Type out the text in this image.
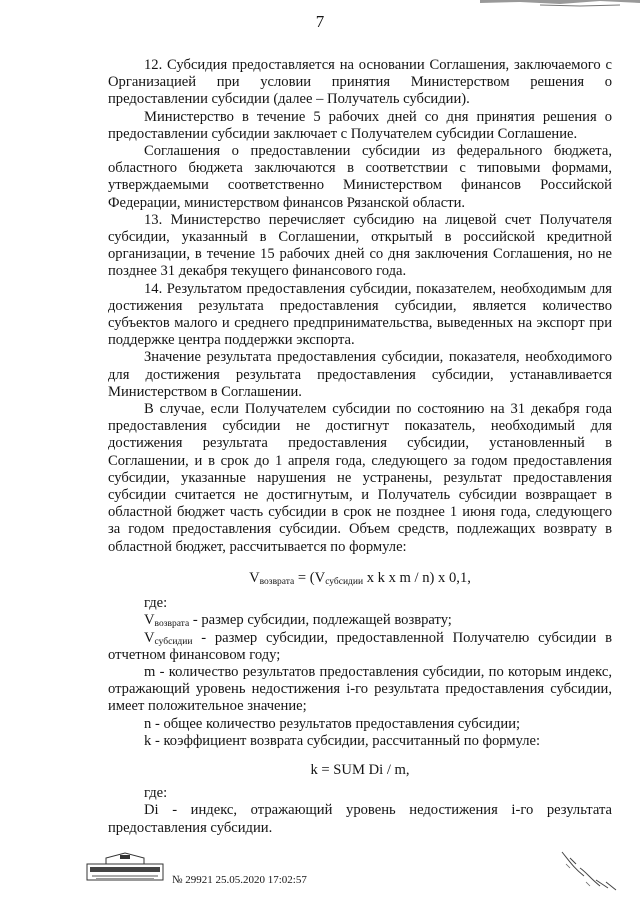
7

12. Субсидия предоставляется на основании Соглашения, заключаемого с Организацией при условии принятия Министерством решения о предоставлении субсидии (далее – Получатель субсидии).

Министерство в течение 5 рабочих дней со дня принятия решения о предоставлении субсидии заключает с Получателем субсидии Соглашение.

Соглашения о предоставлении субсидии из федерального бюджета, областного бюджета заключаются в соответствии с типовыми формами, утверждаемыми соответственно Министерством финансов Российской Федерации, министерством финансов Рязанской области.

13. Министерство перечисляет субсидию на лицевой счет Получателя субсидии, указанный в Соглашении, открытый в российской кредитной организации, в течение 15 рабочих дней со дня заключения Соглашения, но не позднее 31 декабря текущего финансового года.

14. Результатом предоставления субсидии, показателем, необходимым для достижения результата предоставления субсидии, является количество субъектов малого и среднего предпринимательства, выведенных на экспорт при поддержке центра поддержки экспорта.

Значение результата предоставления субсидии, показателя, необходимого для достижения результата предоставления субсидии, устанавливается Министерством в Соглашении.

В случае, если Получателем субсидии по состоянию на 31 декабря года предоставления субсидии не достигнут показатель, необходимый для достижения результата предоставления субсидии, установленный в Соглашении, и в срок до 1 апреля года, следующего за годом предоставления субсидии, указанные нарушения не устранены, результат предоставления субсидии считается не достигнутым, и Получатель субсидии возвращает в областной бюджет часть субсидии в срок не позднее 1 июня года, следующего за годом предоставления субсидии. Объем средств, подлежащих возврату в областной бюджет, рассчитывается по формуле:

$V_{возврата} = (V_{субсидии}$ x k x m / n) x 0,1,

где:

$V_{возврата}$ - размер субсидии, подлежащей возврату;

$V_{субсидии}$ - размер субсидии, предоставленной Получателю субсидии в отчетном финансовом году;

m - количество результатов предоставления субсидии, по которым индекс, отражающий уровень недостижения i-го результата предоставления субсидии, имеет положительное значение;

n - общее количество результатов предоставления субсидии;

k - коэффициент возврата субсидии, рассчитанный по формуле:

k = SUM Di / m,

где:

Di - индекс, отражающий уровень недостижения i-го результата предоставления субсидии.

№ 29921 25.05.2020 17:02:57
